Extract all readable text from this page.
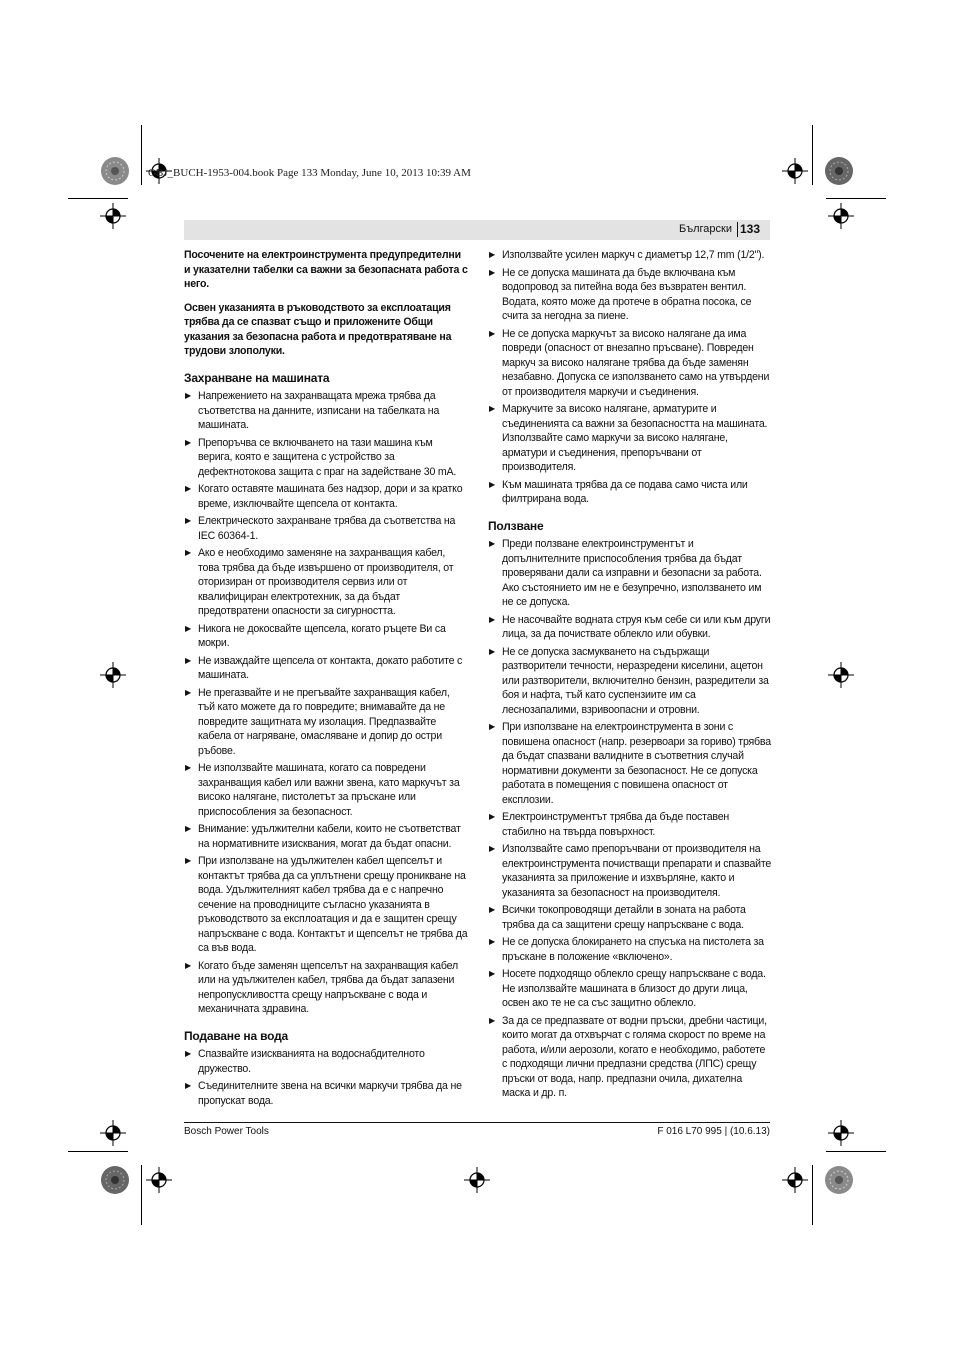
OBJ_BUCH-1953-004.book Page 133 Monday, June 10, 2013 10:39 AM
Български 133
Посочените на електроинструмента предупредителни и указателни табелки са важни за безопасната работа с него.
Освен указанията в ръководството за експлоатация трябва да се спазват също и приложените Общи указания за безопасна работа и предотвратяване на трудови злополуки.
Захранване на машината
▶ Напрежението на захранващата мрежа трябва да съответства на данните, изписани на табелката на машината.
▶ Препоръчва се включването на тази машина към верига, която е защитена с устройство за дефектнотокова защита с праг на задействане 30 mA.
▶ Когато оставяте машината без надзор, дори и за кратко време, изключвайте щепсела от контакта.
▶ Електрическото захранване трябва да съответства на IEC 60364-1.
▶ Ако е необходимо заменяне на захранващия кабел, това трябва да бъде извършено от производителя, от оторизиран от производителя сервиз или от квалифициран електротехник, за да бъдат предотвратени опасности за сигурността.
▶ Никога не докосвайте щепсела, когато ръцете Ви са мокри.
▶ Не изваждайте щепсела от контакта, докато работите с машината.
▶ Не прегазвайте и не прегъвайте захранващия кабел, тъй като можете да го повредите; внимавайте да не повредите защитната му изолация. Предпазвайте кабела от нагряване, омасляване и допир до остри ръбове.
▶ Не използвайте машината, когато са повредени захранващия кабел или важни звена, като маркучът за високо налягане, пистолетът за пръскане или приспособления за безопасност.
▶ Внимание: удължителни кабели, които не съответстват на нормативните изисквания, могат да бъдат опасни.
▶ При използване на удължителен кабел щепселът и контактът трябва да са уплътнени срещу проникване на вода. Удължителният кабел трябва да е с напречно сечение на проводниците съгласно указанията в ръководството за експлоатация и да е защитен срещу напръскване с вода. Контактът и щепселът не трябва да са във вода.
▶ Когато бъде заменян щепселът на захранващия кабел или на удължителен кабел, трябва да бъдат запазени непропускливостта срещу напръскване с вода и механичната здравина.
Подаване на вода
▶ Спазвайте изискванията на водоснабдителното дружество.
▶ Съединителните звена на всички маркучи трябва да не пропускат вода.
▶ Използвайте усилен маркуч с диаметър 12,7 mm (1/2").
▶ Не се допуска машината да бъде включвана към водопровод за питейна вода без възвратен вентил. Водата, която може да протече в обратна посока, се счита за негодна за пиене.
▶ Не се допуска маркучът за високо налягане да има повреди (опасност от внезапно пръсване). Повреден маркуч за високо налягане трябва да бъде заменян незабавно. Допуска се използването само на утвърдени от производителя маркучи и съединения.
▶ Маркучите за високо налягане, арматурите и съединенията са важни за безопасността на машината. Използвайте само маркучи за високо налягане, арматури и съединения, препоръчвани от производителя.
▶ Към машината трябва да се подава само чиста или филтрирана вода.
Ползване
▶ Преди ползване електроинструментът и допълнителните приспособления трябва да бъдат проверявани дали са изправни и безопасни за работа. Ако състоянието им не е безупречно, използването им не се допуска.
▶ Не насочвайте водната струя към себе си или към други лица, за да почиствате облекло или обувки.
▶ Не се допуска засмукването на съдържащи разтворители течности, неразредени киселини, ацетон или разтворители, включително бензин, разредители за боя и нафта, тъй като суспензиите им са леснозапалими, взривоопасни и отровни.
▶ При използване на електроинструмента в зони с повишена опасност (напр. резервоари за гориво) трябва да бъдат спазвани валидните в съответния случай нормативни документи за безопасност. Не се допуска работата в помещения с повишена опасност от експлозии.
▶ Електроинструментът трябва да бъде поставен стабилно на твърда повърхност.
▶ Използвайте само препоръчвани от производителя на електроинструмента почистващи препарати и спазвайте указанията за приложение и изхвърляне, както и указанията за безопасност на производителя.
▶ Всички токопроводящи детайли в зоната на работа трябва да са защитени срещу напръскване с вода.
▶ Не се допуска блокирането на спусъка на пистолета за пръскане в положение «включено».
▶ Носете подходящо облекло срещу напръскване с вода. Не използвайте машината в близост до други лица, освен ако те не са със защитно облекло.
▶ За да се предпазвате от водни пръски, дребни частици, които могат да отхвърчат с голяма скорост по време на работа, и/или аерозоли, когато е необходимо, работете с подходящи лични предпазни средства (ЛПС) срещу пръски от вода, напр. предпазни очила, дихателна маска и др. п.
Bosch Power Tools	F 016 L70 995 | (10.6.13)
